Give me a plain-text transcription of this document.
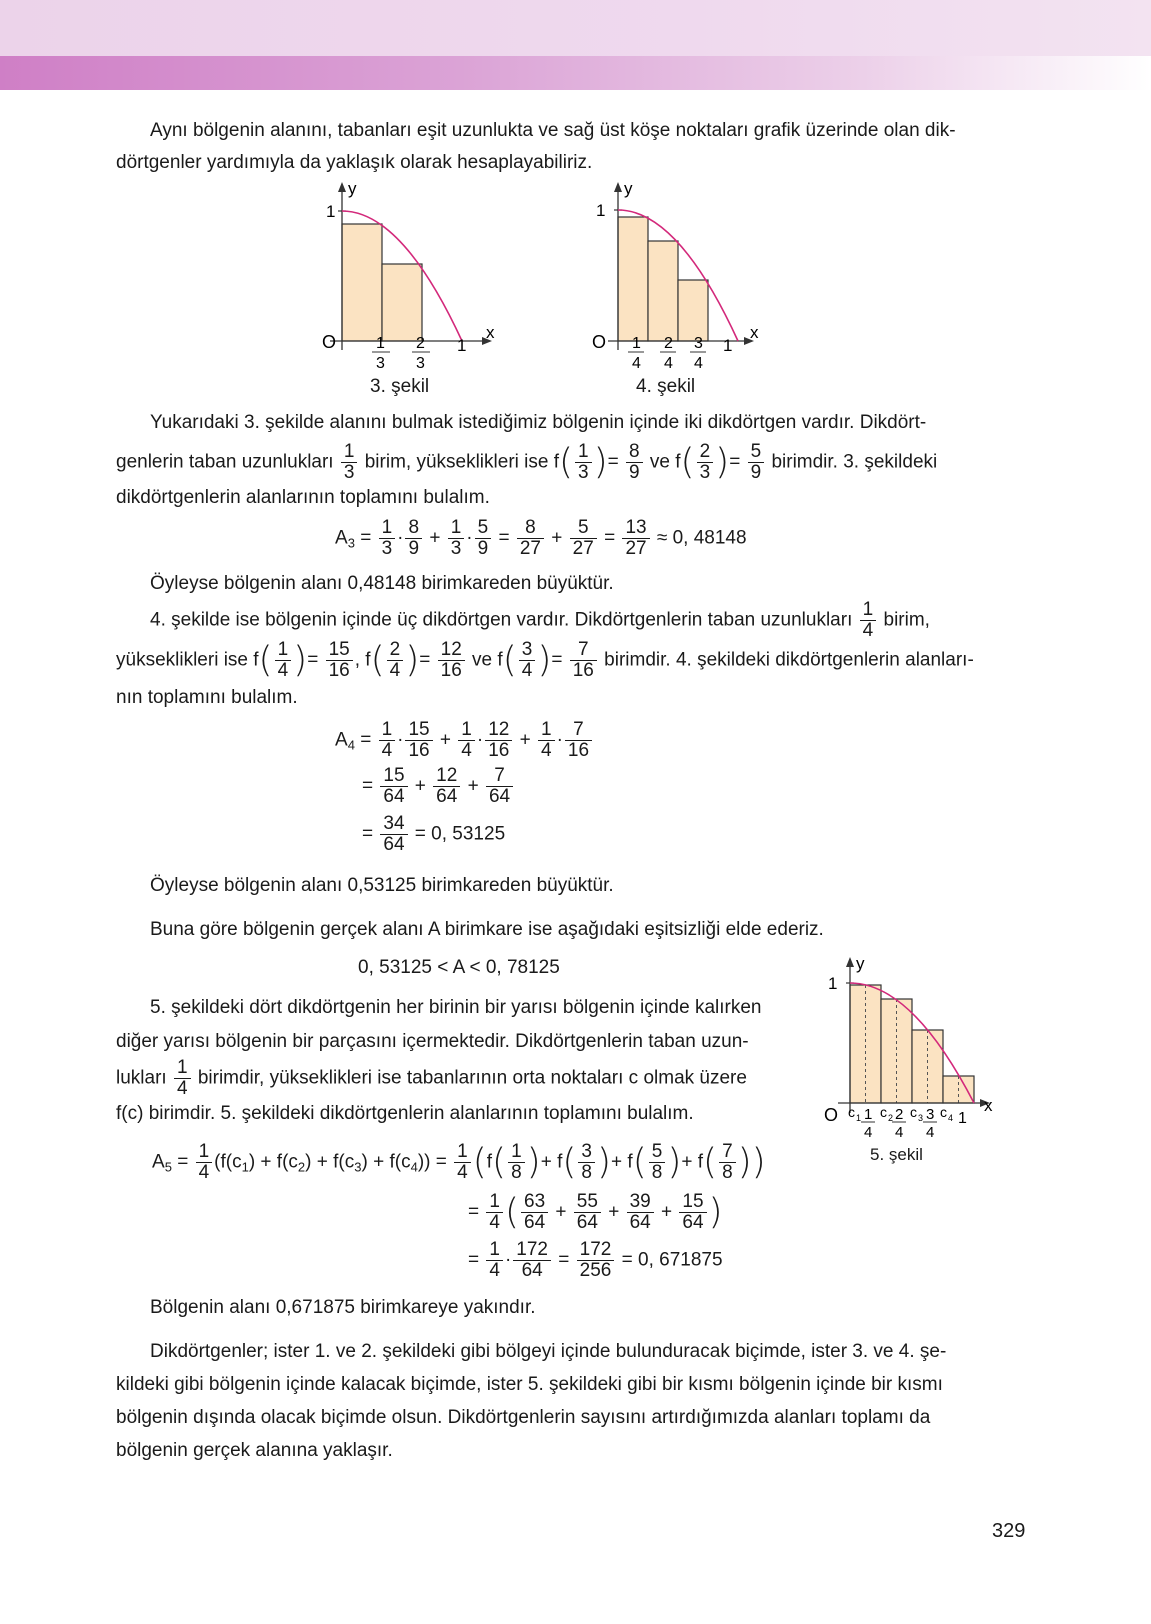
Aynı bölgenin alanını, tabanları eşit uzunlukta ve sağ üst köşe noktaları grafik üzerinde olan dik-
dörtgenler yardımıyla da yaklaşık olarak hesaplayabiliriz.
y
x
1
O	1
1
3
2
3
3. şekil
y
x
1
O	1
1
4
2
4
3
4
4. şekil
Yukarıdaki 3. şekilde alanını bulmak istediğimiz bölgenin içinde iki dikdörtgen vardır. Dikdört-
genlerin taban uzunlukları $\frac{1}{3}$ birim, yükseklikleri ise $f( \frac{1}{3}$ )= $\frac{8}{9}$ ve $f( \frac{2}{3}$ )= $\frac{5}{9}$ birimdir. 3. şekildeki
dikdörtgenlerin alanlarının toplamını bulalım.
$A_3 = \frac{1}{3} \cdot \frac{8}{9} + \frac{1}{3} \cdot \frac{5}{9} = \frac{8}{27} + \frac{5}{27} = \frac{13}{27} \approx 0$, 48148
Öyleyse bölgenin alanı 0,48148 birimkareden büyüktür.
4. şekilde ise bölgenin içinde üç dikdörtgen vardır. Dikdörtgenlerin taban uzunlukları $\frac{1}{4}$ birim,
yükseklikleri ise $f( \frac{1}{4}$ )= $\frac{15}{16}$ , $f( \frac{2}{4}$ )= $\frac{12}{16}$ ve $f( \frac{3}{4}$ )= $\frac{7}{16}$ birimdir. 4. şekildeki dikdörtgenlerin alanları-
nın toplamını bulalım.
$A_4 = \frac{1}{4} \cdot \frac{15}{16} + \frac{1}{4} \cdot \frac{12}{16} + \frac{1}{4} \cdot \frac{7}{16}$
= $\frac{15}{64} + \frac{12}{64} + \frac{7}{64}$
= $\frac{34}{64} = 0$, 53125
Öyleyse bölgenin alanı 0,53125 birimkareden büyüktür.
Buna göre bölgenin gerçek alanı A birimkare ise aşağıdaki eşitsizliği elde ederiz.
0, 53125 < A < 0, 78125
5. şekildeki dört dikdörtgenin her birinin bir yarısı bölgenin içinde kalırken
diğer yarısı bölgenin bir parçasını içermektedir. Dikdörtgenlerin taban uzun-
lukları $\frac{1}{4}$ birimdir, yükseklikleri ise tabanlarının orta noktaları c olmak üzere
f(c) birimdir. 5. şekildeki dikdörtgenlerin alanlarının toplamını bulalım.
y
x
1
O	1
c 1 c 2 c 3 c 4
1
4
2
4
3
4
5. şekil
$A_5 = \frac{1}{4} (f(c_1) + f(c_2) + f(c_3) + f(c_4)) = \frac{1}{4} (f( \frac{1}{8}$ )+ $f( \frac{3}{8}$ )+ $f( \frac{5}{8}$ )+ $f( \frac{7}{8}$ ))
= $\frac{1}{4}$ ( $\frac{63}{64} + \frac{55}{64} + \frac{39}{64} + \frac{15}{64}$ )
= $\frac{1}{4} \cdot \frac{172}{64} = \frac{172}{256} = 0$, 671875
Bölgenin alanı 0,671875 birimkareye yakındır.
Dikdörtgenler; ister 1. ve 2. şekildeki gibi bölgeyi içinde bulunduracak biçimde, ister 3. ve 4. şe-
kildeki gibi bölgenin içinde kalacak biçimde, ister 5. şekildeki gibi bir kısmı bölgenin içinde bir kısmı
bölgenin dışında olacak biçimde olsun. Dikdörtgenlerin sayısını artırdığımızda alanları toplamı da
bölgenin gerçek alanına yaklaşır.
329
